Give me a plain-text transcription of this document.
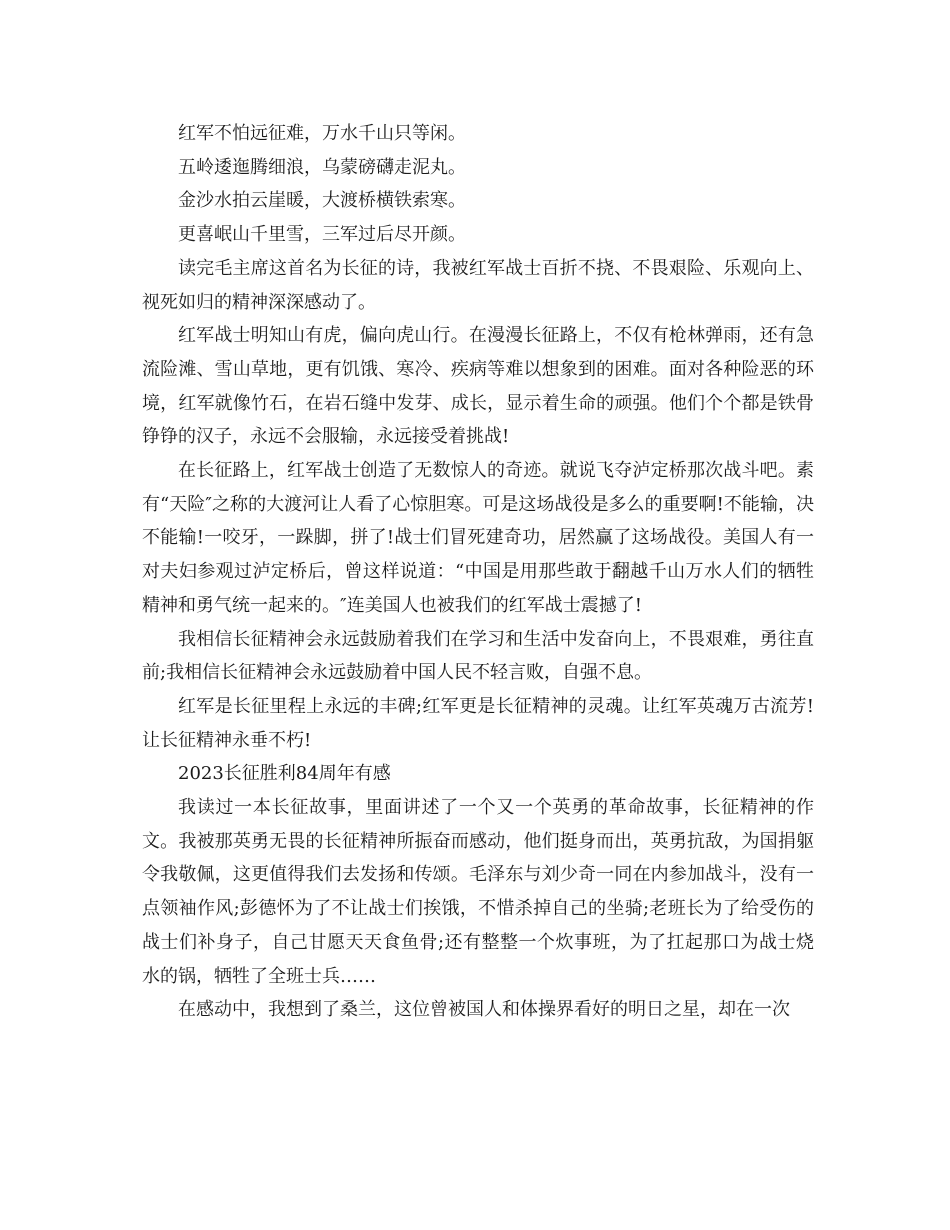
红军不怕远征难，万水千山只等闲。

五岭逶迤腾细浪，乌蒙磅礴走泥丸。

金沙水拍云崖暖，大渡桥横铁索寒。

更喜岷山千里雪，三军过后尽开颜。

读完毛主席这首名为长征的诗，我被红军战士百折不挠、不畏艰险、乐观向上、视死如归的精神深深感动了。

红军战士明知山有虎，偏向虎山行。在漫漫长征路上，不仅有枪林弹雨，还有急流险滩、雪山草地，更有饥饿、寒冷、疾病等难以想象到的困难。面对各种险恶的环境，红军就像竹石，在岩石缝中发芽、成长，显示着生命的顽强。他们个个都是铁骨铮铮的汉子，永远不会服输，永远接受着挑战!

在长征路上，红军战士创造了无数惊人的奇迹。就说飞夺泸定桥那次战斗吧。素有“天险″之称的大渡河让人看了心惊胆寒。可是这场战役是多么的重要啊!不能输，决不能输!一咬牙，一跺脚，拼了!战士们冒死建奇功，居然赢了这场战役。美国人有一对夫妇参观过泸定桥后，曾这样说道：“中国是用那些敢于翻越千山万水人们的牺牲精神和勇气统一起来的。″连美国人也被我们的红军战士震撼了!

我相信长征精神会永远鼓励着我们在学习和生活中发奋向上，不畏艰难，勇往直前;我相信长征精神会永远鼓励着中国人民不轻言败，自强不息。

红军是长征里程上永远的丰碑;红军更是长征精神的灵魂。让红军英魂万古流芳!让长征精神永垂不朽!

2023长征胜利84周年有感

我读过一本长征故事，里面讲述了一个又一个英勇的革命故事，长征精神的作文。我被那英勇无畏的长征精神所振奋而感动，他们挺身而出，英勇抗敌，为国捐躯令我敬佩，这更值得我们去发扬和传颂。毛泽东与刘少奇一同在内参加战斗，没有一点领袖作风;彭德怀为了不让战士们挨饿，不惜杀掉自己的坐骑;老班长为了给受伤的战士们补身子，自己甘愿天天食鱼骨;还有整整一个炊事班，为了扛起那口为战士烧水的锅，牺牲了全班士兵……

在感动中，我想到了桑兰，这位曾被国人和体操界看好的明日之星，却在一次
